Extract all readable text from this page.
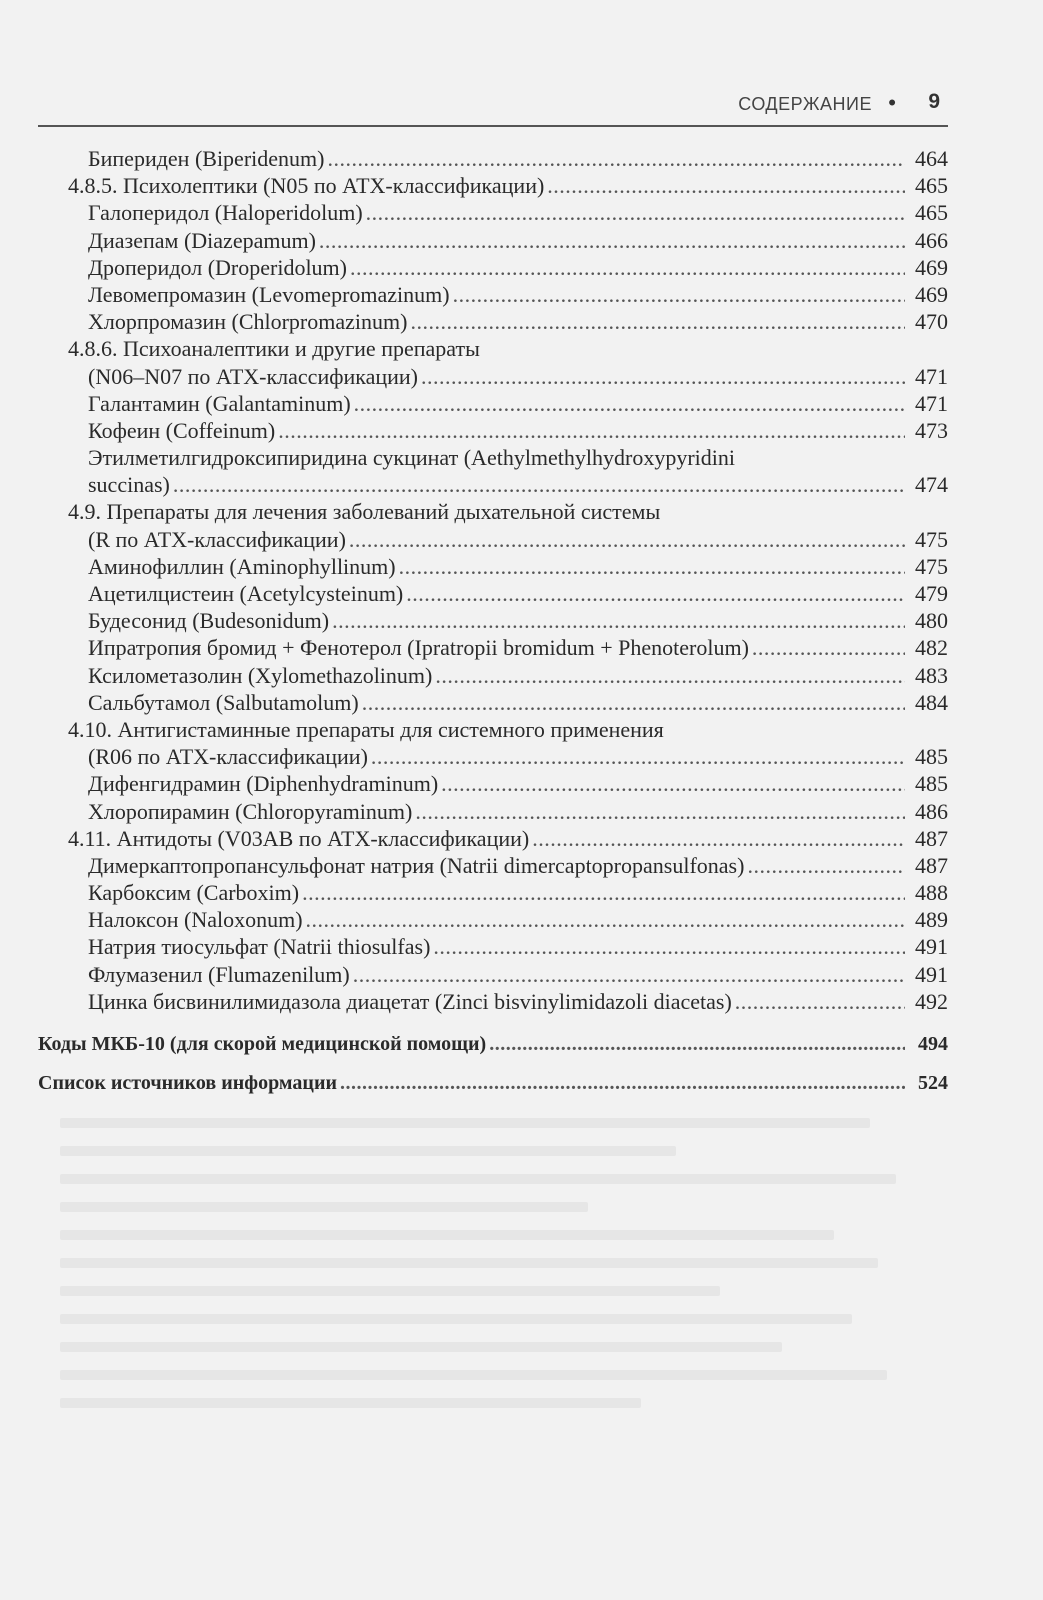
СОДЕРЖАНИЕ • 9
Бипериден (Biperidenum) .....	464
4.8.5. Психолептики (N05 по АТХ-классификации) .....	465
Галоперидол (Haloperidolum) .....	465
Диазепам (Diazepamum) .....	466
Дроперидол (Droperidolum) .....	469
Левомепромазин (Levomepromazinum) .....	469
Хлорпромазин (Chlorpromazinum) .....	470
4.8.6. Психоаналептики и другие препараты
(N06–N07 по АТХ-классификации) .....	471
Галантамин (Galantaminum) .....	471
Кофеин (Coffeinum) .....	473
Этилметилгидроксипиридина сукцинат (Aethylmethylhydroxypyridini
succinas) .....	474
4.9. Препараты для лечения заболеваний дыхательной системы
(R по АТХ-классификации) .....	475
Аминофиллин (Aminophyllinum) .....	475
Ацетилцистеин (Acetylcysteinum) .....	479
Будесонид (Budesonidum) .....	480
Ипратропия бромид + Фенотерол (Ipratropii bromidum + Phenoterolum) .....	482
Ксилометазолин (Xylomethazolinum) .....	483
Сальбутамол (Salbutamolum) .....	484
4.10. Антигистаминные препараты для системного применения
(R06 по АТХ-классификации) .....	485
Дифенгидрамин (Diphenhydraminum) .....	485
Хлоропирамин (Chloropyraminum) .....	486
4.11. Антидоты (V03AB по АТХ-классификации) .....	487
Димеркаптопропансульфонат натрия (Natrii dimercaptopropansulfonas) .....	487
Карбоксим (Carboxim) .....	488
Налоксон (Naloxonum) .....	489
Натрия тиосульфат (Natrii thiosulfas) .....	491
Флумазенил (Flumazenilum) .....	491
Цинка бисвинилимидазола диацетат (Zinci bisvinylimidazoli diacetas) .....	492
Коды МКБ-10 (для скорой медицинской помощи) .....	494
Список источников информации .....	524
